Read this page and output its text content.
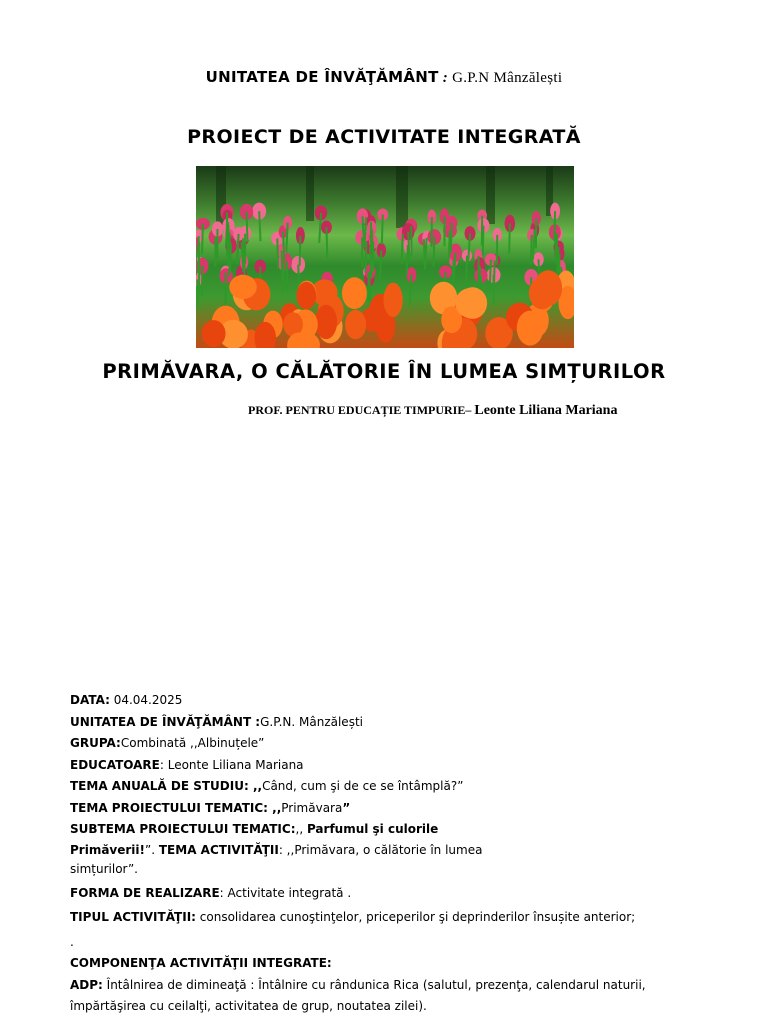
UNITATEA DE ÎNVĂŢĂMÂNT : G.P.N Mânzălești
PROIECT DE ACTIVITATE INTEGRATĂ
PRIMĂVARA, O CĂLĂTORIE ÎN LUMEA SIMȚURILOR
PROF. PENTRU EDUCAȚIE TIMPURIE– Leonte Liliana Mariana
DATA: 04.04.2025
UNITATEA DE ÎNVĂŢĂMÂNT :G.P.N. Mânzălești
GRUPA:Combinată ,,Albinuțele”
EDUCATOARE: Leonte Liliana Mariana
TEMA ANUALĂ DE STUDIU: ,,Când, cum şi de ce se întâmplă?”
TEMA PROIECTULUI TEMATIC: ,,Primăvara”
SUBTEMA PROIECTULUI TEMATIC:,, Parfumul şi culorile
Primăverii!”. TEMA ACTIVITĂŢII: ,,Primăvara, o călătorie în lumea
simțurilor”.
FORMA DE REALIZARE: Activitate integrată .
TIPUL ACTIVITĂŢII: consolidarea cunoştinţelor, priceperilor şi deprinderilor însușite anterior;
.
COMPONENŢA ACTIVITĂŢII INTEGRATE:
ADP: Întâlnirea de dimineaţă : Întâlnire cu rândunica Rica (salutul, prezenţa, calendarul naturii,
împărtăşirea cu ceilalţi, activitatea de grup, noutatea zilei).
